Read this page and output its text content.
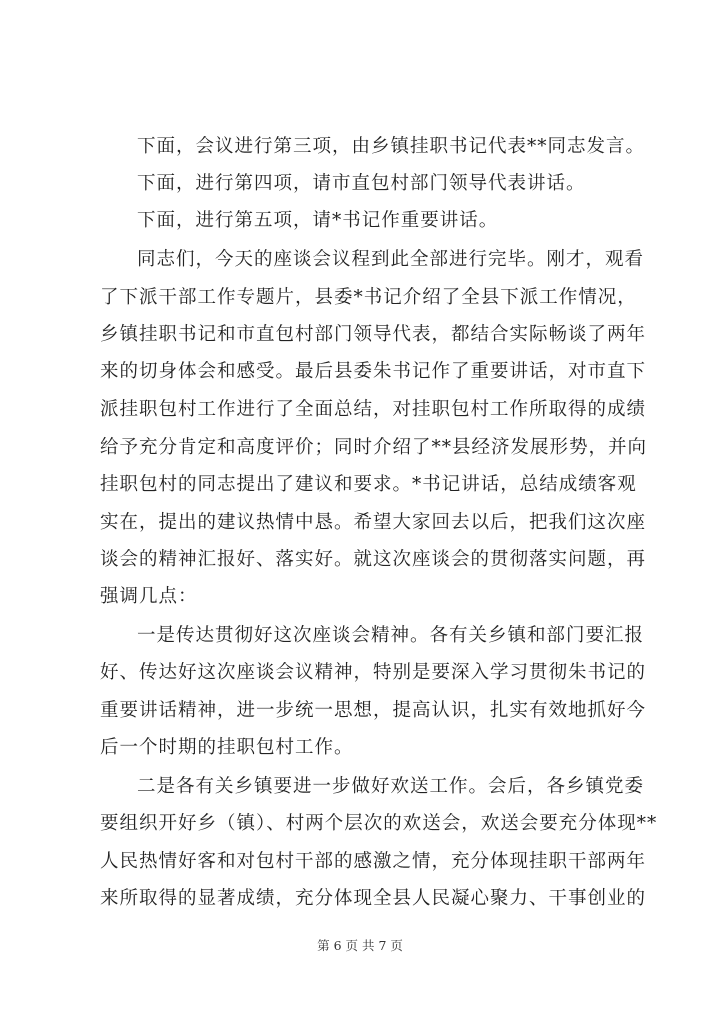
下面，会议进行第三项，由乡镇挂职书记代表**同志发言。
下面，进行第四项，请市直包村部门领导代表讲话。
下面，进行第五项，请*书记作重要讲话。
同志们，今天的座谈会议程到此全部进行完毕。刚才，观看
了下派干部工作专题片，县委*书记介绍了全县下派工作情况，
乡镇挂职书记和市直包村部门领导代表，都结合实际畅谈了两年
来的切身体会和感受。最后县委朱书记作了重要讲话，对市直下
派挂职包村工作进行了全面总结，对挂职包村工作所取得的成绩
给予充分肯定和高度评价；同时介绍了**县经济发展形势，并向
挂职包村的同志提出了建议和要求。*书记讲话，总结成绩客观
实在，提出的建议热情中恳。希望大家回去以后，把我们这次座
谈会的精神汇报好、落实好。就这次座谈会的贯彻落实问题，再
强调几点：
一是传达贯彻好这次座谈会精神。各有关乡镇和部门要汇报
好、传达好这次座谈会议精神，特别是要深入学习贯彻朱书记的
重要讲话精神，进一步统一思想，提高认识，扎实有效地抓好今
后一个时期的挂职包村工作。
二是各有关乡镇要进一步做好欢送工作。会后，各乡镇党委
要组织开好乡（镇）、村两个层次的欢送会，欢送会要充分体现**
人民热情好客和对包村干部的感激之情，充分体现挂职干部两年
来所取得的显著成绩，充分体现全县人民凝心聚力、干事创业的
第 6 页 共 7 页
